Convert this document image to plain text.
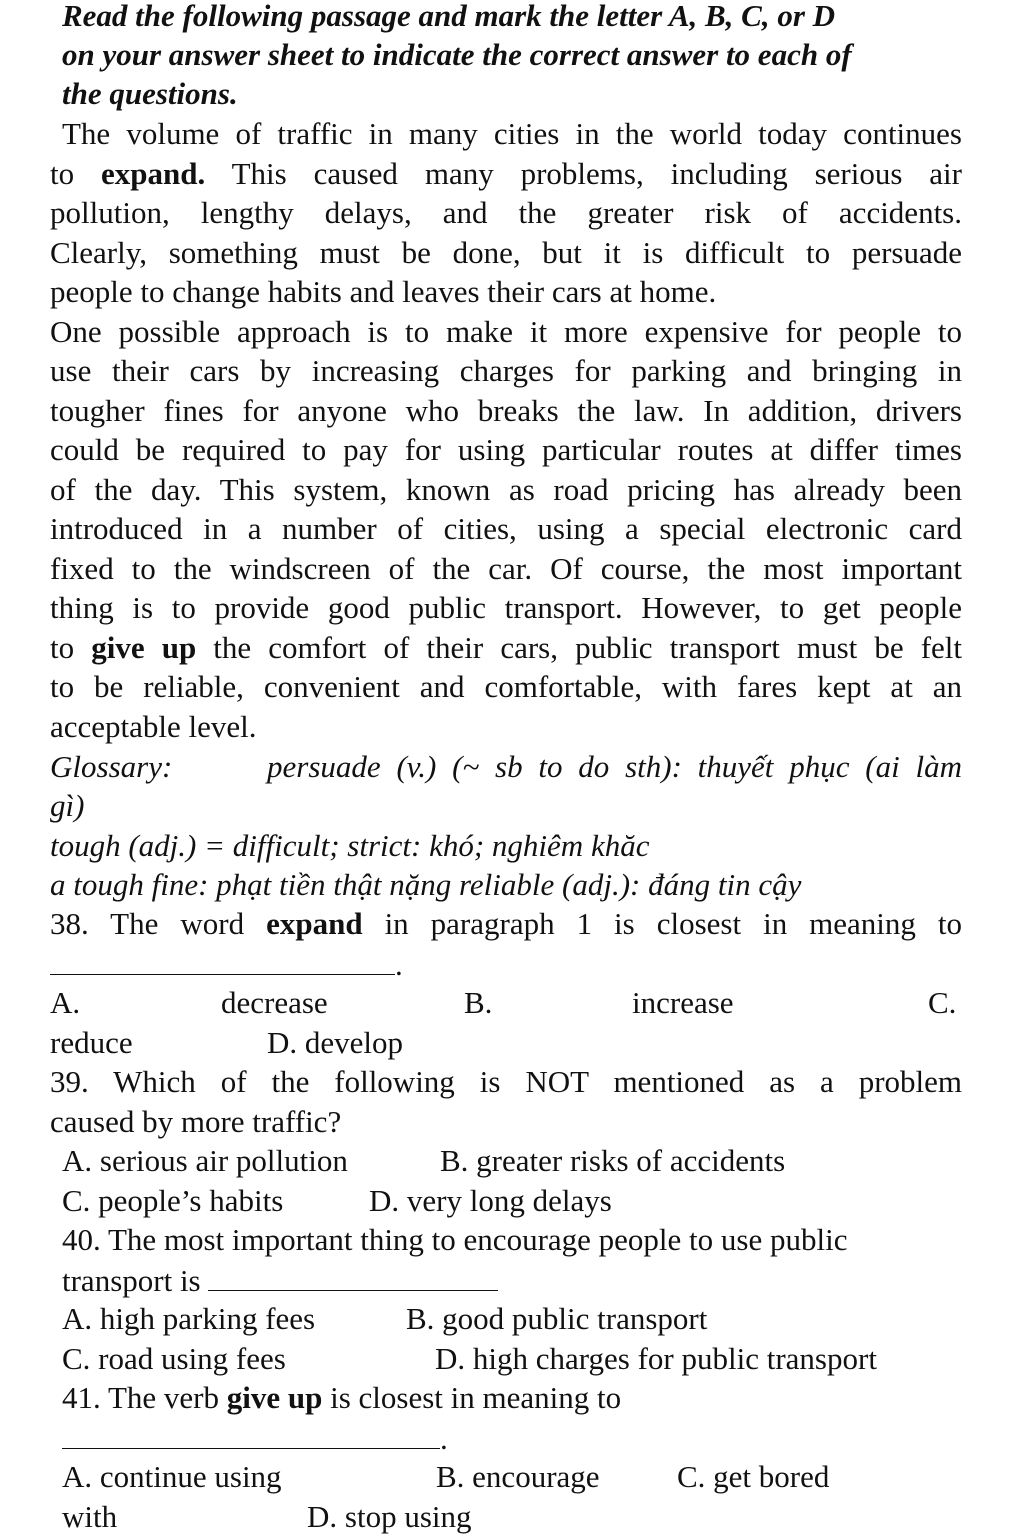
Read the following passage and mark the letter A, B, C, or D
on your answer sheet to indicate the correct answer to each of
the questions.
The volume of traffic in many cities in the world today continues
to expand. This caused many problems, including serious air
pollution, lengthy delays, and the greater risk of accidents.
Clearly, something must be done, but it is difficult to persuade
people to change habits and leaves their cars at home.
One possible approach is to make it more expensive for people to
use their cars by increasing charges for parking and bringing in
tougher fines for anyone who breaks the law. In addition, drivers
could be required to pay for using particular routes at differ times
of the day. This system, known as road pricing has already been
introduced in a number of cities, using a special electronic card
fixed to the windscreen of the car. Of course, the most important
thing is to provide good public transport. However, to get people
to give up the comfort of their cars, public transport must be felt
to be reliable, convenient and comfortable, with fares kept at an
acceptable level.
Glossary:      persuade (v.) (~ sb to do sth): thuyết phục (ai làm
gì)
tough (adj.) = difficult; strict: khó; nghiêm khăc
a tough fine: phạt tiền thật nặng reliable (adj.): đáng tin cậy
38. The word expand in paragraph 1 is closest in meaning to
.
A.	decrease	B.	increase	C.
reduce	D. develop
39. Which of the following is NOT mentioned as a problem
caused by more traffic?
A. serious air pollution	B. greater risks of accidents
C. people’s habits	D. very long delays
40. The most important thing to encourage people to use public
transport is
A. high parking fees	B. good public transport
C. road using fees	D. high charges for public transport
41. The verb give up is closest in meaning to
.
A. continue using	B. encourage C. get bored
with	D. stop using
